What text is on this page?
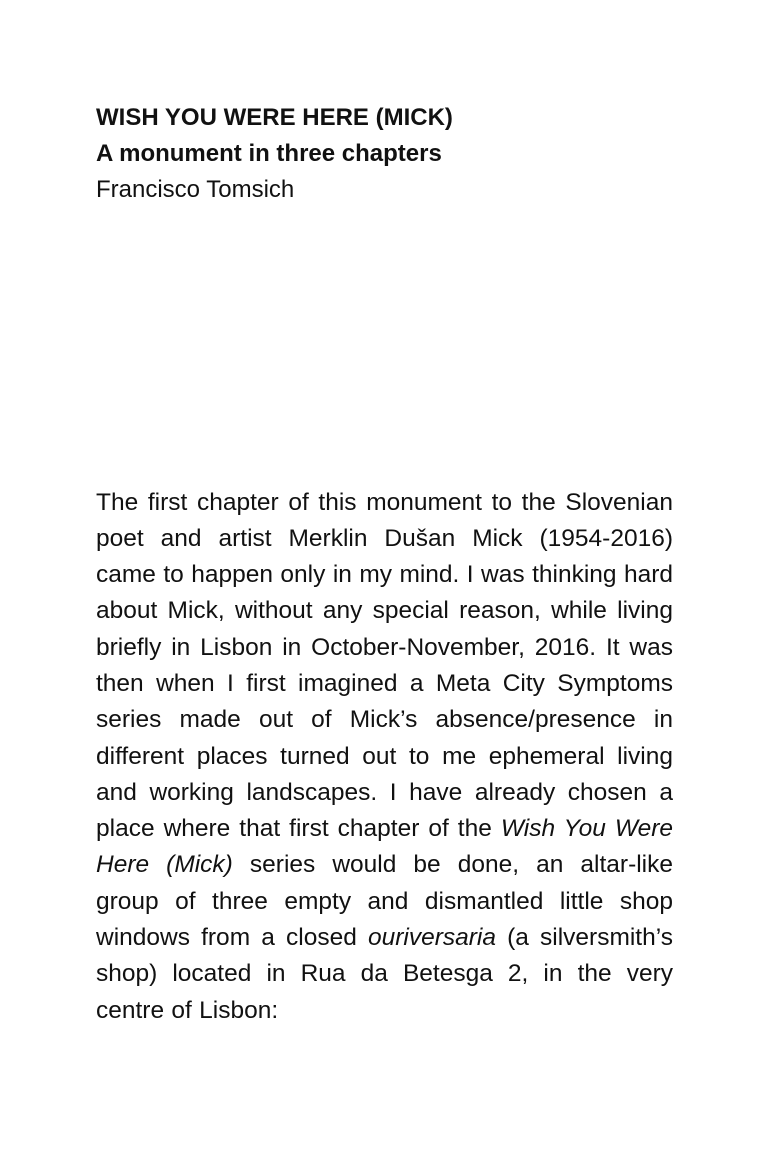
WISH YOU WERE HERE (MICK)
A monument in three chapters
Francisco Tomsich

The first chapter of this monument to the Slovenian poet and artist Merklin Dušan Mick (1954-2016) came to happen only in my mind. I was thinking hard about Mick, without any special reason, while living briefly in Lisbon in October-November, 2016. It was then when I first imagined a Meta City Symptoms series made out of Mick’s absence/presence in different places turned out to me ephemeral living and working landscapes. I have already chosen a place where that first chapter of the Wish You Were Here (Mick) series would be done, an altar-like group of three empty and dismantled little shop windows from a closed ouriversaria (a silversmith’s shop) located in Rua da Betesga 2, in the very centre of Lisbon:
